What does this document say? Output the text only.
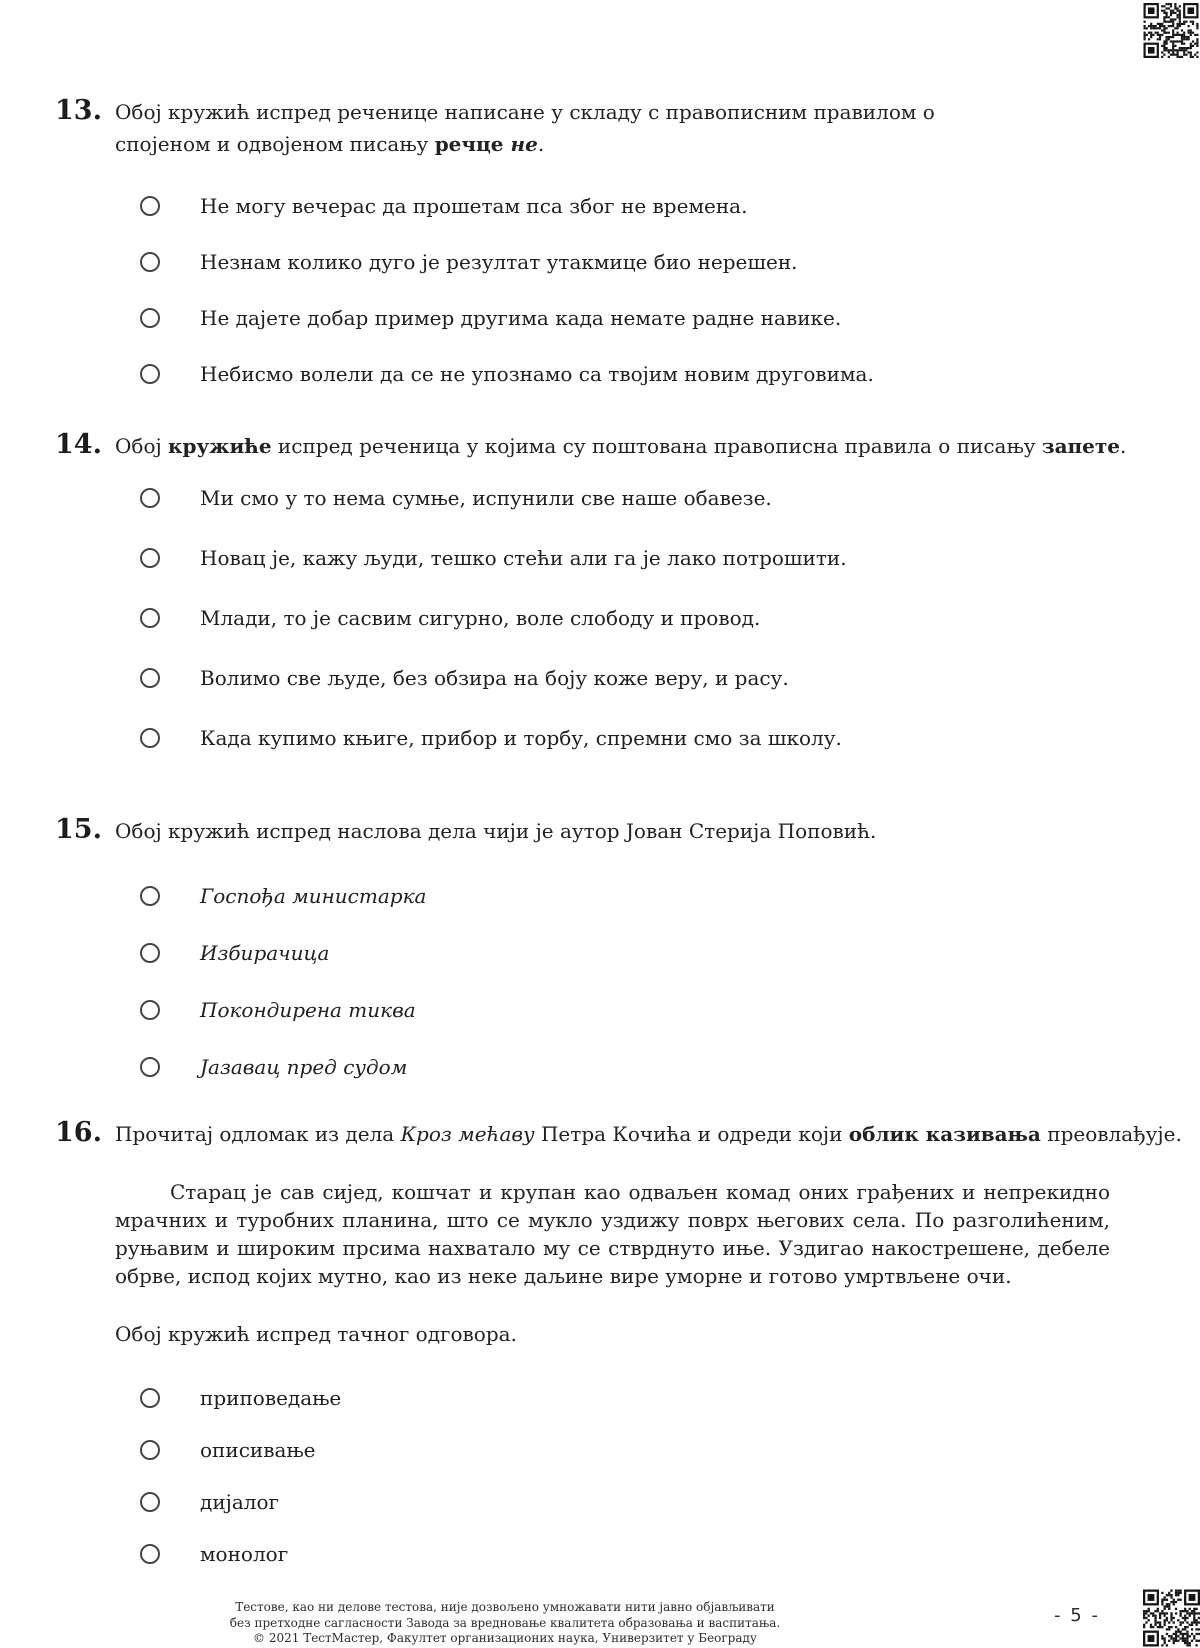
13. Обој кружић испред реченице написане у складу с правописним правилом о спојеном и одвојеном писању речце не.

Не могу вечерас да прошетам пса због не времена.
Незнам колико дуго је резултат утакмице био нерешен.
Не дајете добар пример другима када немате радне навике.
Небисмо волели да се не упознамо са твојим новим друговима.
14. Обој кружиће испред реченица у којима су поштована правописна правила о писању запете.

Ми смо у то нема сумње, испунили све наше обавезе.
Новац је, кажу људи, тешко стећи али га је лако потрошити.
Млади, то је сасвим сигурно, воле слободу и провод.
Волимо све људе, без обзира на боју коже веру, и расу.
Када купимо књиге, прибор и торбу, спремни смо за школу.
15. Обој кружић испред наслова дела чији је аутор Јован Стерија Поповић.

Госпођа министарка
Избирачица
Покондирена тиква
Јазавац пред судом
16. Прочитај одломак из дела Кроз мећаву Петра Кочића и одреди који облик казивања преовлађује.

Старац је сав сијед, кошчат и крупан као одваљен комад оних грађених и непрекидно мрачних и туробних планина, што се мукло уздижу поврх његових села. По разголићеним, руњавим и широким прсима нахватало му се стврднуто иње. Уздигао накострешене, дебеле обрве, испод којих мутно, као из неке даљине вире уморне и готово умртвљене очи.

Обој кружић испред тачног одговора.

приповедање
описивање
дијалог
монолог
Тестове, као ни делове тестова, није дозвољено умножавати нити јавно објављивати
без претходне сагласности Завода за вредновање квалитета образовања и васпитања.
© 2021 ТестМастер, Факултет организационих наука, Универзитет у Београду
- 5 -
